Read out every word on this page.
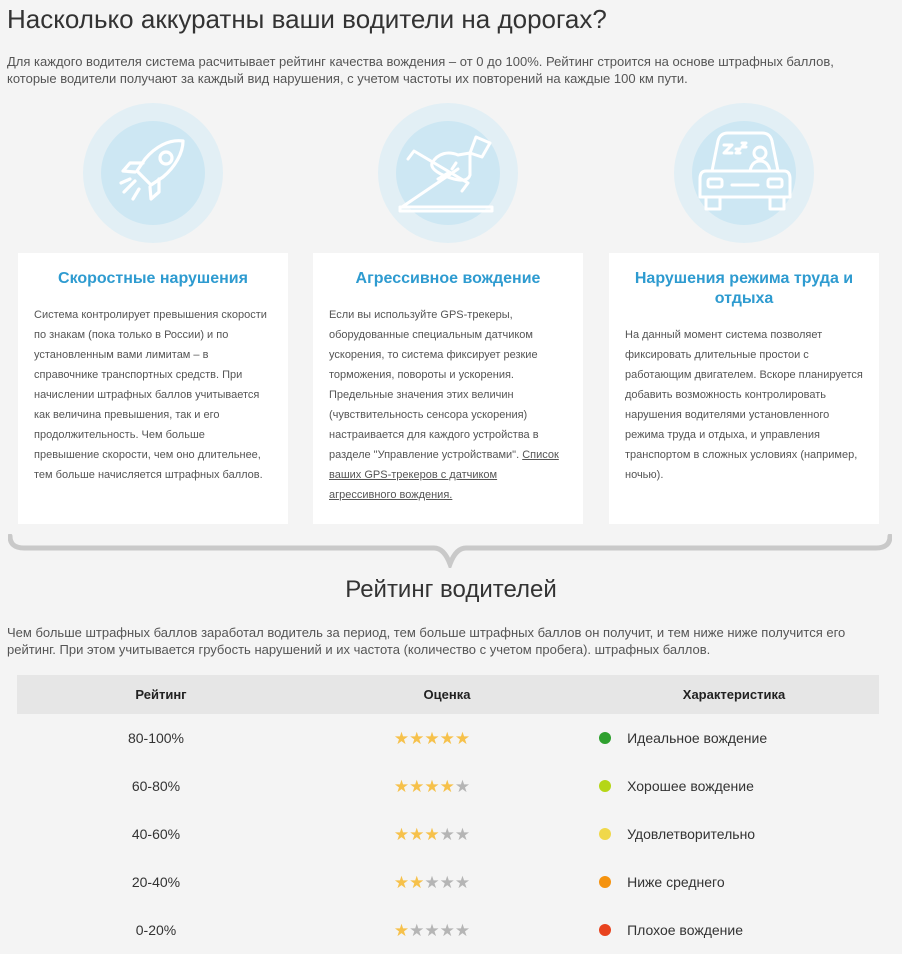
Насколько аккуратны ваши водители на дорогах?
Для каждого водителя система расчитывает рейтинг качества вождения – от 0 до 100%. Рейтинг строится на основе штрафных баллов, которые водители получают за каждый вид нарушения, с учетом частоты их повторений на каждые 100 км пути.
Скоростные нарушения
Система контролирует превышения скорости по знакам (пока только в России) и по установленным вами лимитам – в справочнике транспортных средств. При начислении штрафных баллов учитывается как величина превышения, так и его продолжительность. Чем больше превышение скорости, чем оно длительнее, тем больше начисляется штрафных баллов.
Агрессивное вождение
Если вы используйте GPS-трекеры, оборудованные специальным датчиком ускорения, то система фиксирует резкие торможения, повороты и ускорения. Предельные значения этих величин (чувствительность сенсора ускорения) настраивается для каждого устройства в разделе "Управление устройствами". Список ваших GPS-трекеров с датчиком агрессивного вождения.
Нарушения режима труда и отдыха
На данный момент система позволяет фиксировать длительные простои с работающим двигателем. Вскоре планируется добавить возможность контролировать нарушения водителями установленного режима труда и отдыха, и управления транспортом в сложных условиях (например, ночью).
Рейтинг водителей
Чем больше штрафных баллов заработал водитель за период, тем больше штрафных баллов он получит, и тем ниже ниже получится его рейтинг. При этом учитывается грубость нарушений и их частота (количество с учетом пробега). штрафных баллов.
Рейтинг	Оценка	Характеристика
80-100%	★ ★ ★ ★ ★	Идеальное вождение
60-80%	★ ★ ★ ★ ★	Хорошее вождение
40-60%	★ ★ ★ ★ ★	Удовлетворительно
20-40%	★ ★ ★ ★ ★	Ниже среднего
0-20%	★ ★ ★ ★ ★	Плохое вождение
